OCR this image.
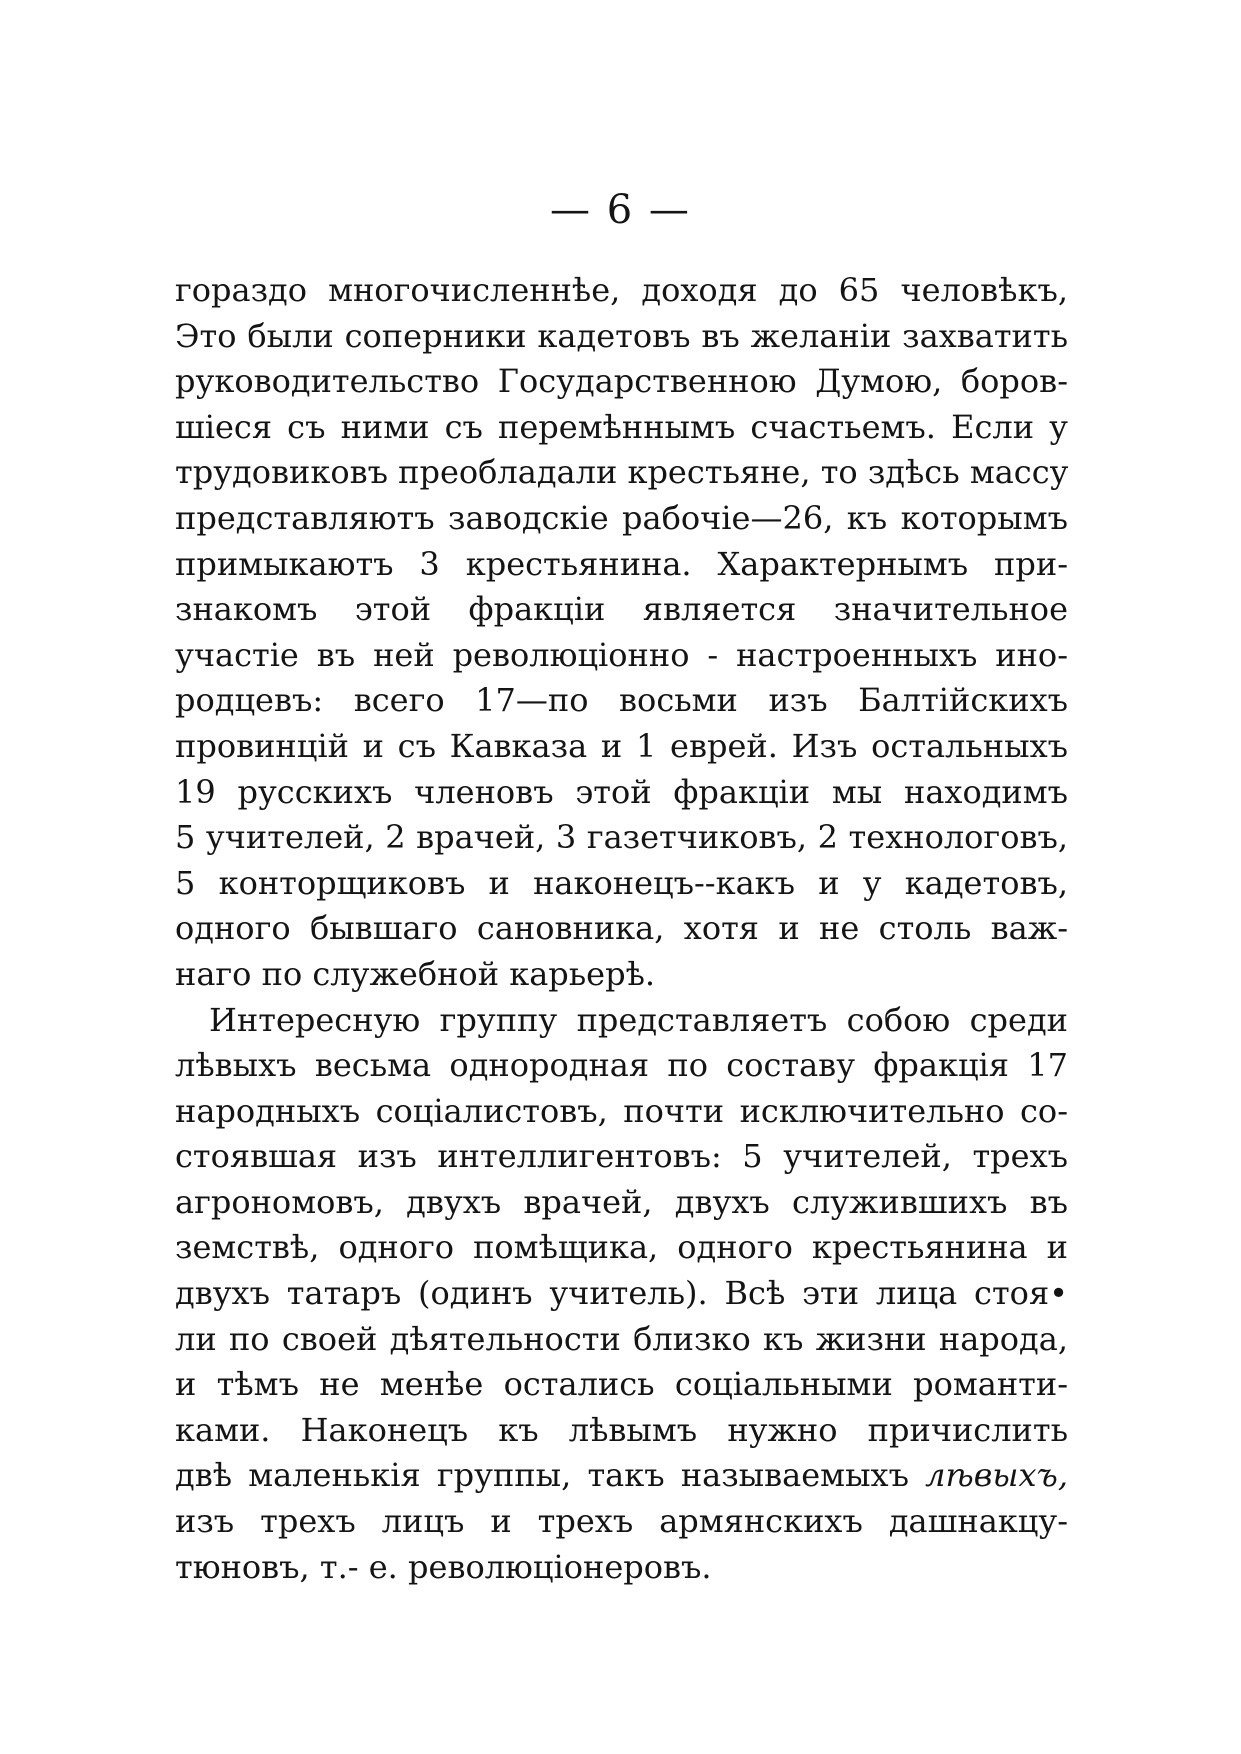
— 6 —
гораздо многочисленнѣе, доходя до 65 человѣкъ,
Это были соперники кадетовъ въ желаніи захватить
руководительство Государственною Думою, боров-
шіеся съ ними съ перемѣннымъ счастьемъ. Если у
трудовиковъ преобладали крестьяне, то здѣсь массу
представляютъ заводскіе рабочіе—26, къ которымъ
примыкаютъ 3 крестьянина. Характернымъ при-
знакомъ этой фракціи является значительное
участіе въ ней революціонно - настроенныхъ ино-
родцевъ: всего 17—по восьми изъ Балтійскихъ
провинцій и съ Кавказа и 1 еврей. Изъ остальныхъ
19 русскихъ членовъ этой фракціи мы находимъ
5 учителей, 2 врачей, 3 газетчиковъ, 2 технологовъ,
5 конторщиковъ и наконецъ--какъ и у кадетовъ,
одного бывшаго сановника, хотя и не столь важ-
наго по служебной карьерѣ.
Интересную группу представляетъ собою среди
лѣвыхъ весьма однородная по составу фракція 17
народныхъ соціалистовъ, почти исключительно со-
стоявшая изъ интеллигентовъ: 5 учителей, трехъ
агрономовъ, двухъ врачей, двухъ служившихъ въ
земствѣ, одного помѣщика, одного крестьянина и
двухъ татаръ (одинъ учитель). Всѣ эти лица стоя•
ли по своей дѣятельности близко къ жизни народа,
и тѣмъ не менѣе остались соціальными романти-
ками. Наконецъ къ лѣвымъ нужно причислить
двѣ маленькія группы, такъ называемыхъ лѣвыхъ,
изъ трехъ лицъ и трехъ армянскихъ дашнакцу-
тюновъ, т.- е. революціонеровъ.
